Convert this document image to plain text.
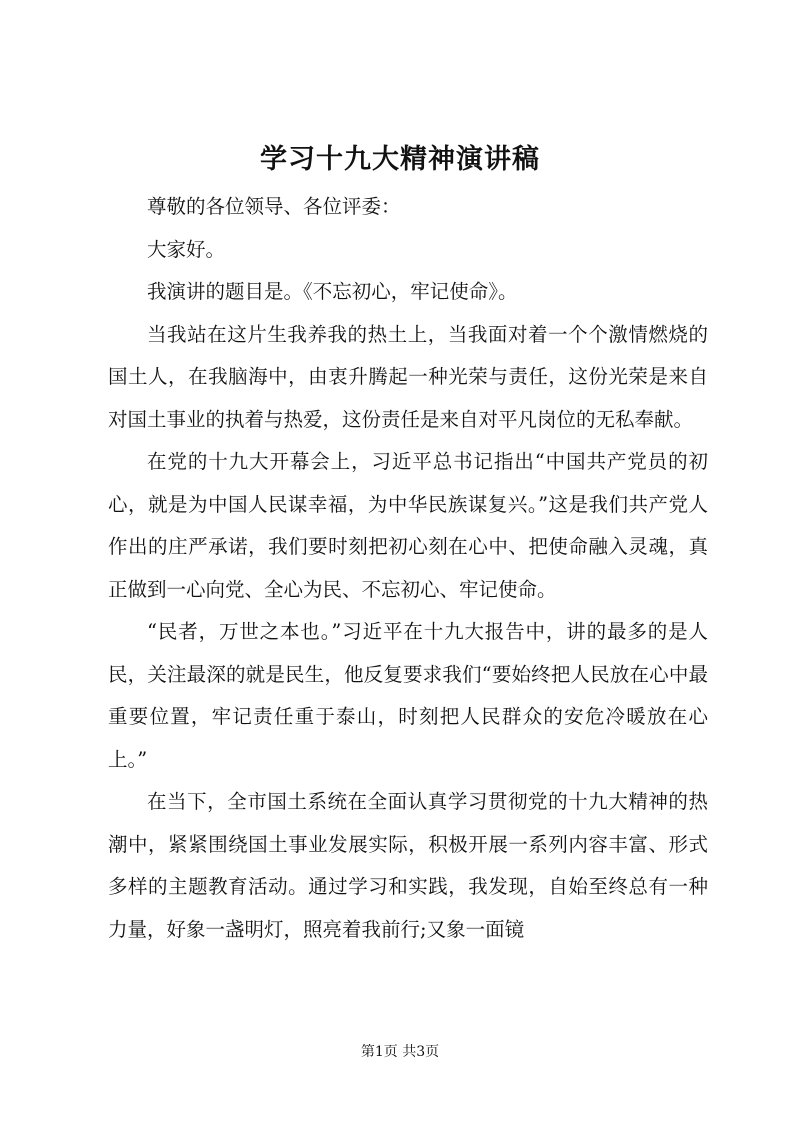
学习十九大精神演讲稿

尊敬的各位领导、各位评委：

大家好。

我演讲的题目是。《不忘初心，牢记使命》。

当我站在这片生我养我的热土上，当我面对着一个个激情燃烧的国土人，在我脑海中，由衷升腾起一种光荣与责任，这份光荣是来自对国土事业的执着与热爱，这份责任是来自对平凡岗位的无私奉献。

在党的十九大开幕会上，习近平总书记指出“中国共产党员的初心，就是为中国人民谋幸福，为中华民族谋复兴。”这是我们共产党人作出的庄严承诺，我们要时刻把初心刻在心中、把使命融入灵魂，真正做到一心向党、全心为民、不忘初心、牢记使命。

“民者，万世之本也。”习近平在十九大报告中，讲的最多的是人民，关注最深的就是民生，他反复要求我们“要始终把人民放在心中最重要位置，牢记责任重于泰山，时刻把人民群众的安危冷暖放在心上。”

在当下，全市国土系统在全面认真学习贯彻党的十九大精神的热潮中，紧紧围绕国土事业发展实际，积极开展一系列内容丰富、形式多样的主题教育活动。通过学习和实践，我发现，自始至终总有一种力量，好象一盏明灯，照亮着我前行;又象一面镜

第1页 共3页
